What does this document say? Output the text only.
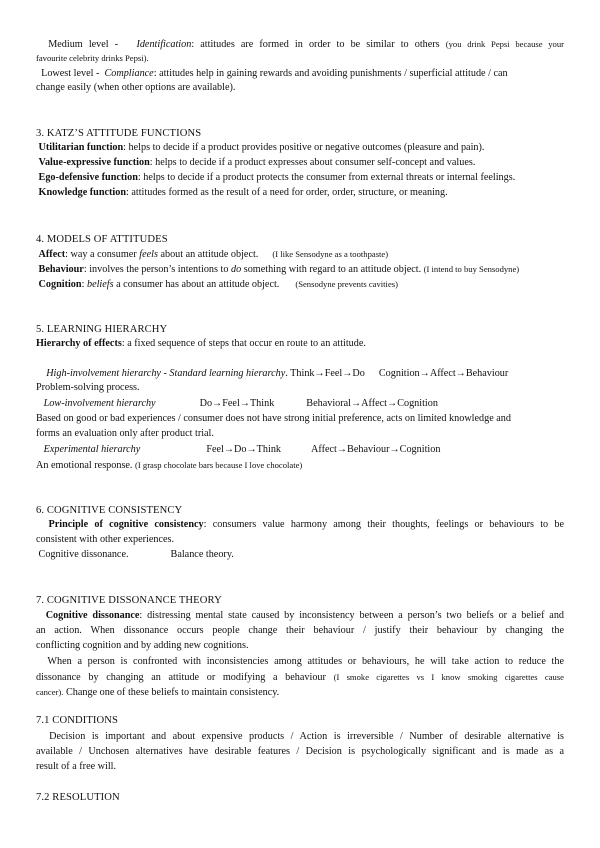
Medium level - Identification: attitudes are formed in order to be similar to others (you drink Pepsi because your
favourite celebrity drinks Pepsi).
Lowest level - Compliance: attitudes help in gaining rewards and avoiding punishments / superficial attitude / can
change easily (when other options are available).
3. KATZ’S ATTITUDE FUNCTIONS
Utilitarian function: helps to decide if a product provides positive or negative outcomes (pleasure and pain).
Value-expressive function: helps to decide if a product expresses about consumer self-concept and values.
Ego-defensive function: helps to decide if a product protects the consumer from external threats or internal feelings.
Knowledge function: attitudes formed as the result of a need for order, order, structure, or meaning.
4. MODELS OF ATTITUDES
Affect: way a consumer feels about an attitude object. (I like Sensodyne as a toothpaste)
Behaviour: involves the person’s intentions to do something with regard to an attitude object. (I intend to buy Sensodyne)
Cognition: beliefs a consumer has about an attitude object. (Sensodyne prevents cavities)
5. LEARNING HIERARCHY
Hierarchy of effects: a fixed sequence of steps that occur en route to an attitude.
High-involvement hierarchy - Standard learning hierarchy. Think→Feel→Do Cognition→Affect→Behaviour
Problem-solving process.
Low-involvement hierarchy	Do→Feel→Think	Behavioral→Affect→Cognition
Based on good or bad experiences / consumer does not have strong initial preference, acts on limited knowledge and
forms an evaluation only after product trial.
Experimental hierarchy	Feel→Do→Think	Affect→Behaviour→Cognition
An emotional response. (I grasp chocolate bars because I love chocolate)
6. COGNITIVE CONSISTENCY
Principle of cognitive consistency: consumers value harmony among their thoughts, feelings or behaviours to be
consistent with other experiences.
Cognitive dissonance.	Balance theory.
7. COGNITIVE DISSONANCE THEORY
Cognitive dissonance: distressing mental state caused by inconsistency between a person’s two beliefs or a belief and
an action. When dissonance occurs people change their behaviour / justify their behaviour by changing the
conflicting cognition and by adding new cognitions.
When a person is confronted with inconsistencies among attitudes or behaviours, he will take action to reduce the
dissonance by changing an attitude or modifying a behaviour (I smoke cigarettes vs I know smoking cigarettes cause
cancer). Change one of these beliefs to maintain consistency.
7.1 CONDITIONS
Decision is important and about expensive products / Action is irreversible / Number of desirable alternative is
available / Unchosen alternatives have desirable features / Decision is psychologically significant and is made as a
result of a free will.
7.2 RESOLUTION
